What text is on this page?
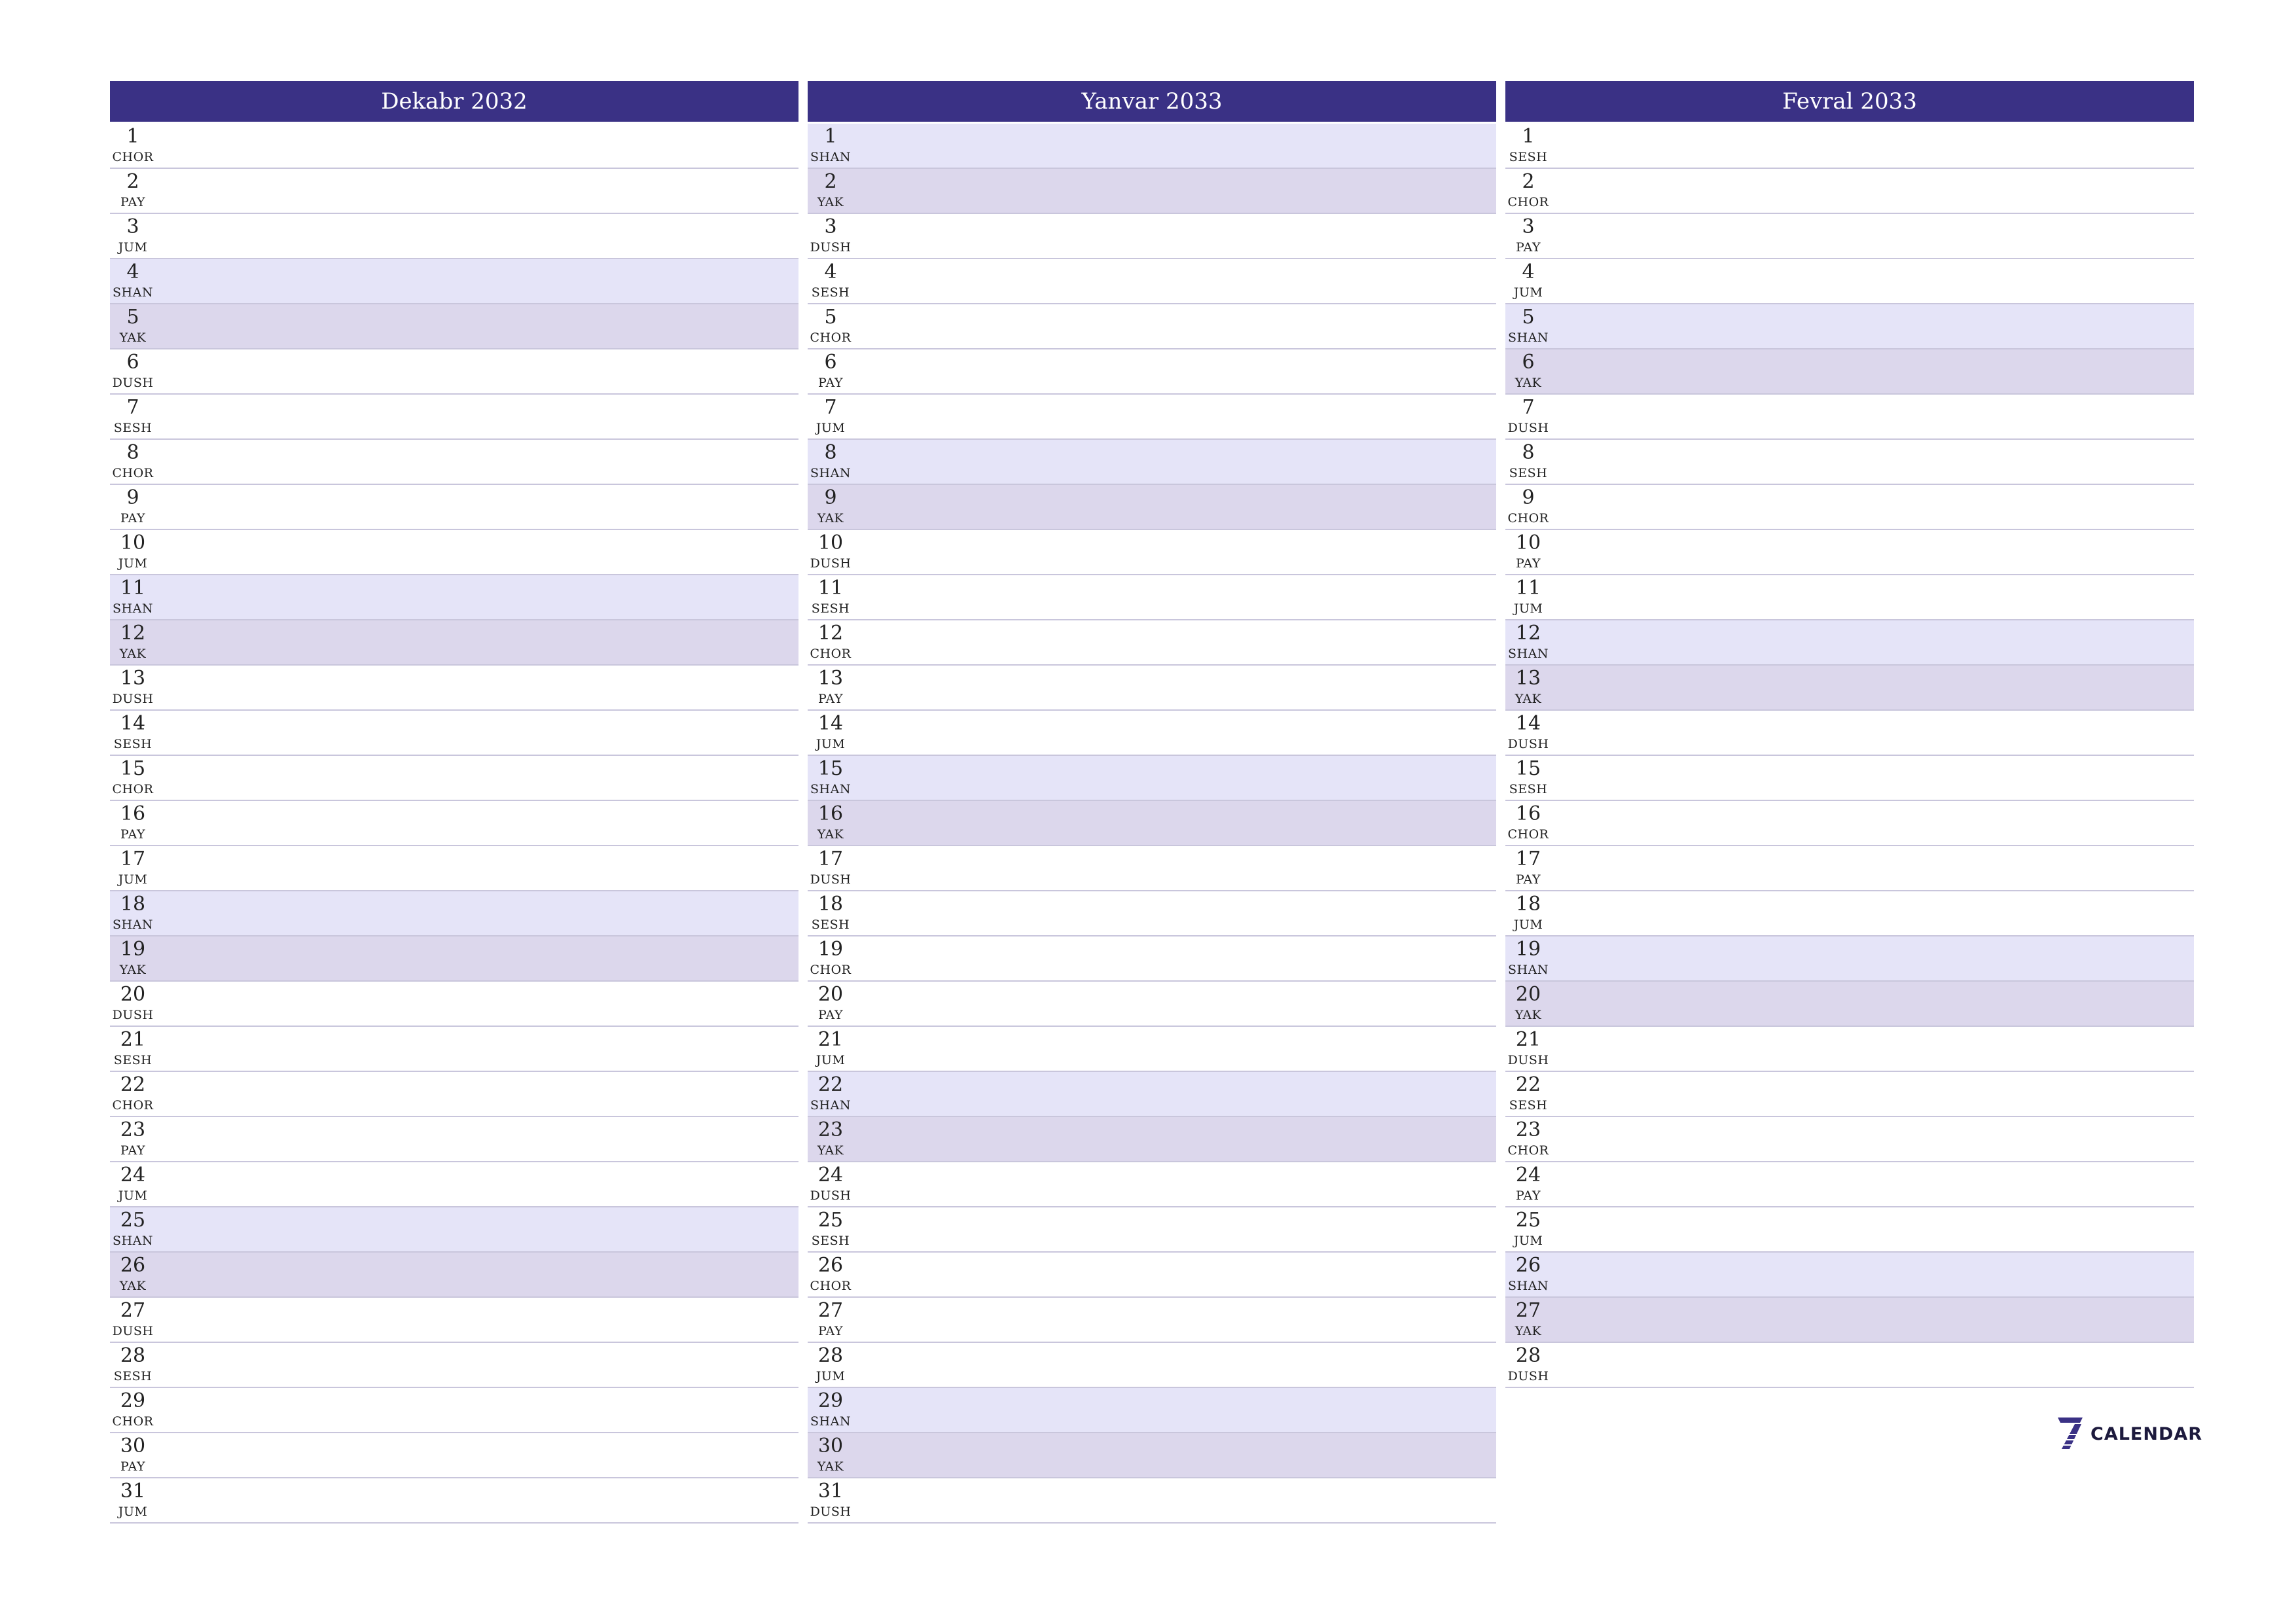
Dekabr 2032
1
CHOR
2
PAY
3
JUM
4
SHAN
5
YAK
6
DUSH
7
SESH
8
CHOR
9
PAY
10
JUM
11
SHAN
12
YAK
13
DUSH
14
SESH
15
CHOR
16
PAY
17
JUM
18
SHAN
19
YAK
20
DUSH
21
SESH
22
CHOR
23
PAY
24
JUM
25
SHAN
26
YAK
27
DUSH
28
SESH
29
CHOR
30
PAY
31
JUM
Yanvar 2033
1
SHAN
2
YAK
3
DUSH
4
SESH
5
CHOR
6
PAY
7
JUM
8
SHAN
9
YAK
10
DUSH
11
SESH
12
CHOR
13
PAY
14
JUM
15
SHAN
16
YAK
17
DUSH
18
SESH
19
CHOR
20
PAY
21
JUM
22
SHAN
23
YAK
24
DUSH
25
SESH
26
CHOR
27
PAY
28
JUM
29
SHAN
30
YAK
31
DUSH
Fevral 2033
1
SESH
2
CHOR
3
PAY
4
JUM
5
SHAN
6
YAK
7
DUSH
8
SESH
9
CHOR
10
PAY
11
JUM
12
SHAN
13
YAK
14
DUSH
15
SESH
16
CHOR
17
PAY
18
JUM
19
SHAN
20
YAK
21
DUSH
22
SESH
23
CHOR
24
PAY
25
JUM
26
SHAN
27
YAK
28
DUSH
CALENDAR
